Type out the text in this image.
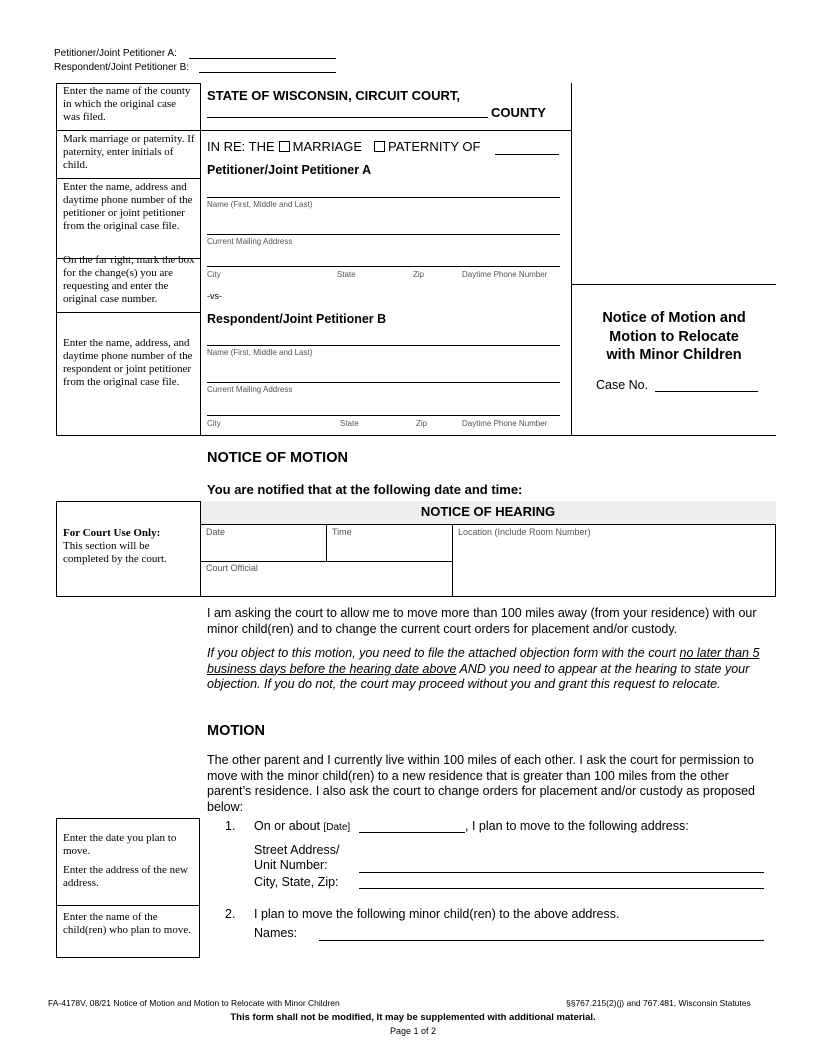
Petitioner/Joint Petitioner A:
Respondent/Joint Petitioner B:
Enter the name of the county in which the original case was filed.
Mark marriage or paternity. If paternity, enter initials of child.
Enter the name, address and daytime phone number of the petitioner or joint petitioner from the original case file.
On the far right, mark the box for the change(s) you are requesting and enter the original case number.
Enter the name, address, and daytime phone number of the respondent or joint petitioner from the original case file.
STATE OF WISCONSIN, CIRCUIT COURT,
COUNTY
IN RE: THE MARRIAGE PATERNITY OF
Petitioner/Joint Petitioner A
Name (First, Middle and Last)
Current Mailing Address
City	State	Zip	Daytime Phone Number
-vs-
Respondent/Joint Petitioner B
Name (First, Middle and Last)
Current Mailing Address
City	State	Zip	Daytime Phone Number
Notice of Motion and
Motion to Relocate
with Minor Children
Case No.
NOTICE OF MOTION
You are notified that at the following date and time:
NOTICE OF HEARING
Date	Time	Location (Include Room Number)
Court Official
For Court Use Only:
This section will be completed by the court.
I am asking the court to allow me to move more than 100 miles away (from your residence) with our minor child(ren) and to change the current court orders for placement and/or custody.
If you object to this motion, you need to file the attached objection form with the court no later than 5 business days before the hearing date above AND you need to appear at the hearing to state your objection. If you do not, the court may proceed without you and grant this request to relocate.
MOTION
The other parent and I currently live within 100 miles of each other. I ask the court for permission to move with the minor child(ren) to a new residence that is greater than 100 miles from the other parent’s residence. I also ask the court to change orders for placement and/or custody as proposed below:
Enter the date you plan to move.
Enter the address of the new address.
Enter the name of the child(ren) who plan to move.
1. On or about [Date]	, I plan to move to the following address:
Street Address/
Unit Number:
City, State, Zip:
2. I plan to move the following minor child(ren) to the above address.
Names:
FA-4178V, 08/21 Notice of Motion and Motion to Relocate with Minor Children	§§767.215(2)(j) and 767.481, Wisconsin Statutes
This form shall not be modified, It may be supplemented with additional material.
Page 1 of 2
